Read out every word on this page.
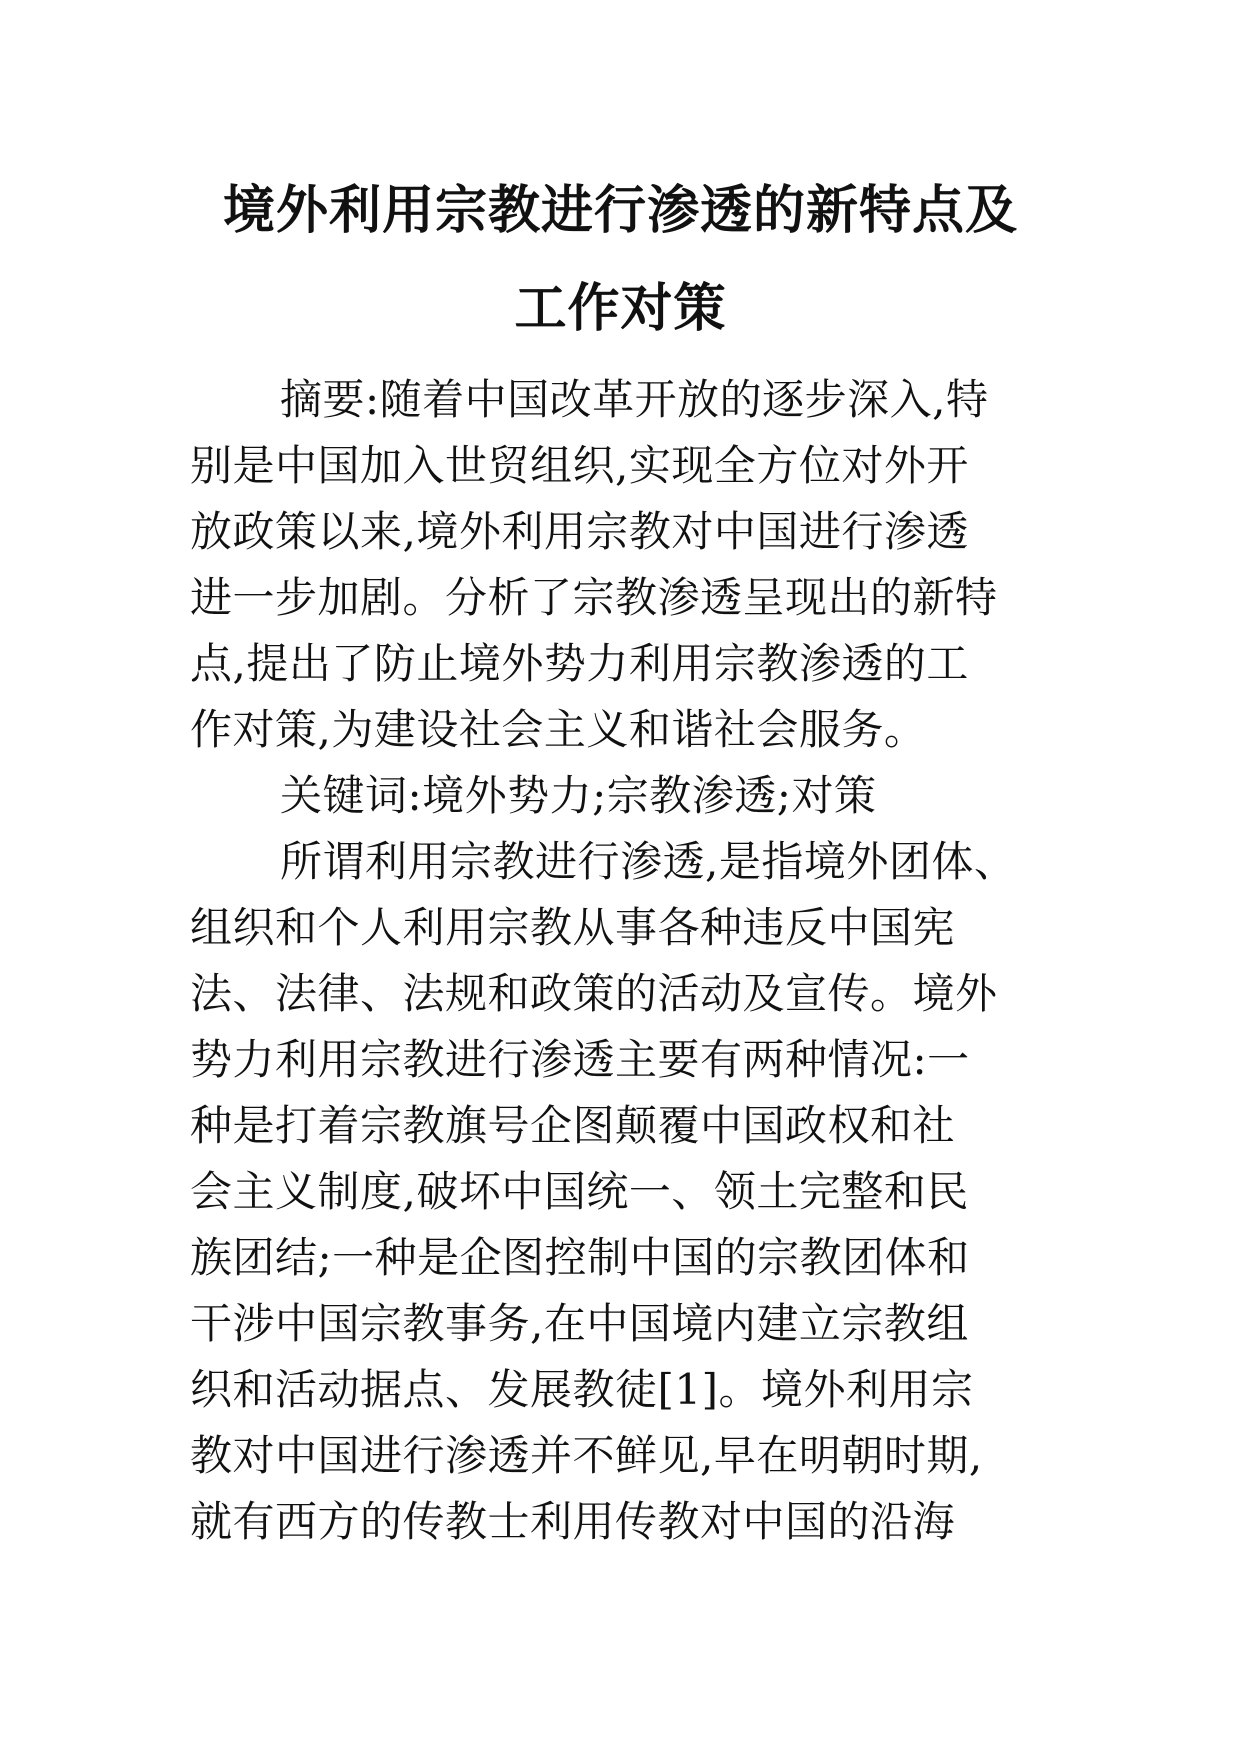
境外利用宗教进行渗透的新特点及
工作对策
摘要:随着中国改革开放的逐步深入,特
别是中国加入世贸组织,实现全方位对外开
放政策以来,境外利用宗教对中国进行渗透
进一步加剧。分析了宗教渗透呈现出的新特
点,提出了防止境外势力利用宗教渗透的工
作对策,为建设社会主义和谐社会服务。
关键词:境外势力;宗教渗透;对策
所谓利用宗教进行渗透,是指境外团体、
组织和个人利用宗教从事各种违反中国宪
法、法律、法规和政策的活动及宣传。境外
势力利用宗教进行渗透主要有两种情况:一
种是打着宗教旗号企图颠覆中国政权和社
会主义制度,破坏中国统一、领土完整和民
族团结;一种是企图控制中国的宗教团体和
干涉中国宗教事务,在中国境内建立宗教组
织和活动据点、发展教徒[1]。境外利用宗
教对中国进行渗透并不鲜见,早在明朝时期,
就有西方的传教士利用传教对中国的沿海
